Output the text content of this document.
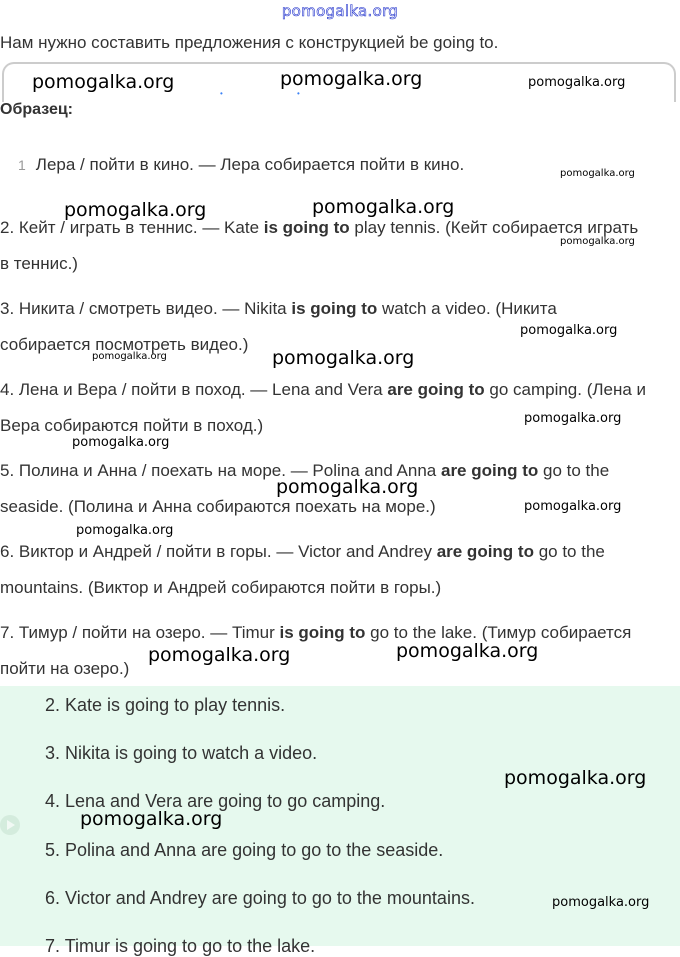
pomogalka.org
Нам нужно составить предложения с конструкцией be going to.
• •
Образец:
1 Лера / пойти в кино. — Лера собирается пойти в кино.
2. Кейт / играть в теннис. — Kate is going to play tennis. (Кейт собирается играть
в теннис.)
3. Никита / смотреть видео. — Nikita is going to watch a video. (Никита
собирается посмотреть видео.)
4. Лена и Вера / пойти в поход. — Lena and Vera are going to go camping. (Лена и
Вера собираются пойти в поход.)
5. Полина и Анна / поехать на море. — Polina and Anna are going to go to the
seaside. (Полина и Анна собираются поехать на море.)
6. Виктор и Андрей / пойти в горы. — Victor and Andrey are going to go to the
mountains. (Виктор и Андрей собираются пойти в горы.)
7. Тимур / пойти на озеро. — Timur is going to go to the lake. (Тимур собирается
пойти на озеро.)
2. Kate is going to play tennis.
3. Nikita is going to watch a video.
4. Lena and Vera are going to go camping.
5. Polina and Anna are going to go to the seaside.
6. Victor and Andrey are going to go to the mountains.
7. Timur is going to go to the lake.
pomogalka.org	pomogalka.org	pomogalka.org
pomogalka.org
pomogalka.org	pomogalka.org
pomogalka.org
pomogalka.org
pomogalka.org	pomogalka.org
pomogalka.org
pomogalka.org
pomogalka.org
pomogalka.org
pomogalka.org
pomogalka.org	pomogalka.org
pomogalka.org
pomogalka.org
pomogalka.org
